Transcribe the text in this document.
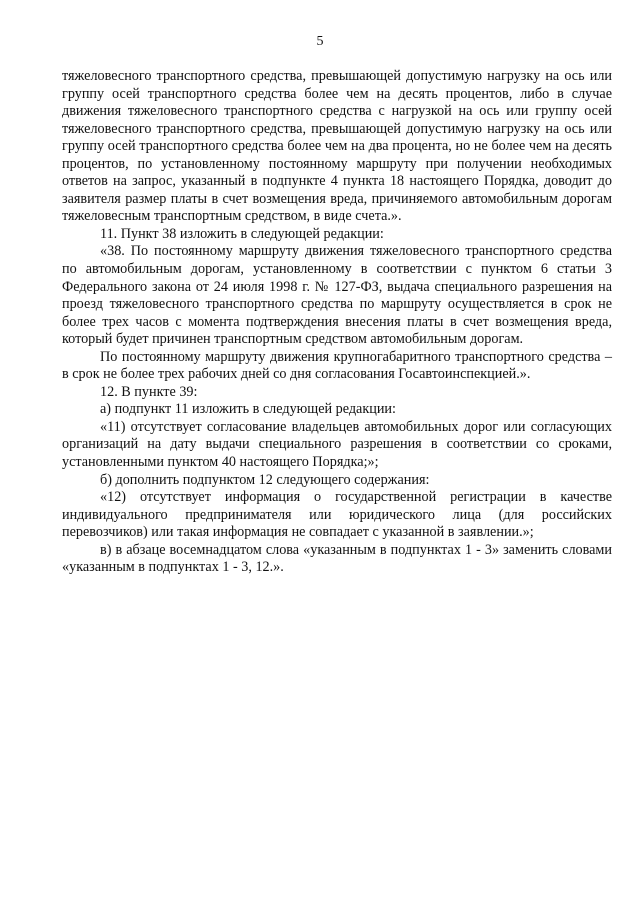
5

тяжеловесного транспортного средства, превышающей допустимую нагрузку на ось или группу осей транспортного средства более чем на десять процентов, либо в случае движения тяжеловесного транспортного средства с нагрузкой на ось или группу осей тяжеловесного транспортного средства, превышающей допустимую нагрузку на ось или группу осей транспортного средства более чем на два процента, но не более чем на десять процентов, по установленному постоянному маршруту при получении необходимых ответов на запрос, указанный в подпункте 4 пункта 18 настоящего Порядка, доводит до заявителя размер платы в счет возмещения вреда, причиняемого автомобильным дорогам тяжеловесным транспортным средством, в виде счета.».

11. Пункт 38 изложить в следующей редакции:

«38. По постоянному маршруту движения тяжеловесного транспортного средства по автомобильным дорогам, установленному в соответствии с пунктом 6 статьи 3 Федерального закона от 24 июля 1998 г. № 127-ФЗ, выдача специального разрешения на проезд тяжеловесного транспортного средства по маршруту осуществляется в срок не более трех часов с момента подтверждения внесения платы в счет возмещения вреда, который будет причинен транспортным средством автомобильным дорогам.

По постоянному маршруту движения крупногабаритного транспортного средства – в срок не более трех рабочих дней со дня согласования Госавтоинспекцией.».

12. В пункте 39:

а) подпункт 11 изложить в следующей редакции:

«11) отсутствует согласование владельцев автомобильных дорог или согласующих организаций на дату выдачи специального разрешения в соответствии со сроками, установленными пунктом 40 настоящего Порядка;»;

б) дополнить подпунктом 12 следующего содержания:

«12) отсутствует информация о государственной регистрации в качестве индивидуального предпринимателя или юридического лица (для российских перевозчиков) или такая информация не совпадает с указанной в заявлении.»;

в) в абзаце восемнадцатом слова «указанным в подпунктах 1 - 3» заменить словами «указанным в подпунктах 1 - 3, 12.».
